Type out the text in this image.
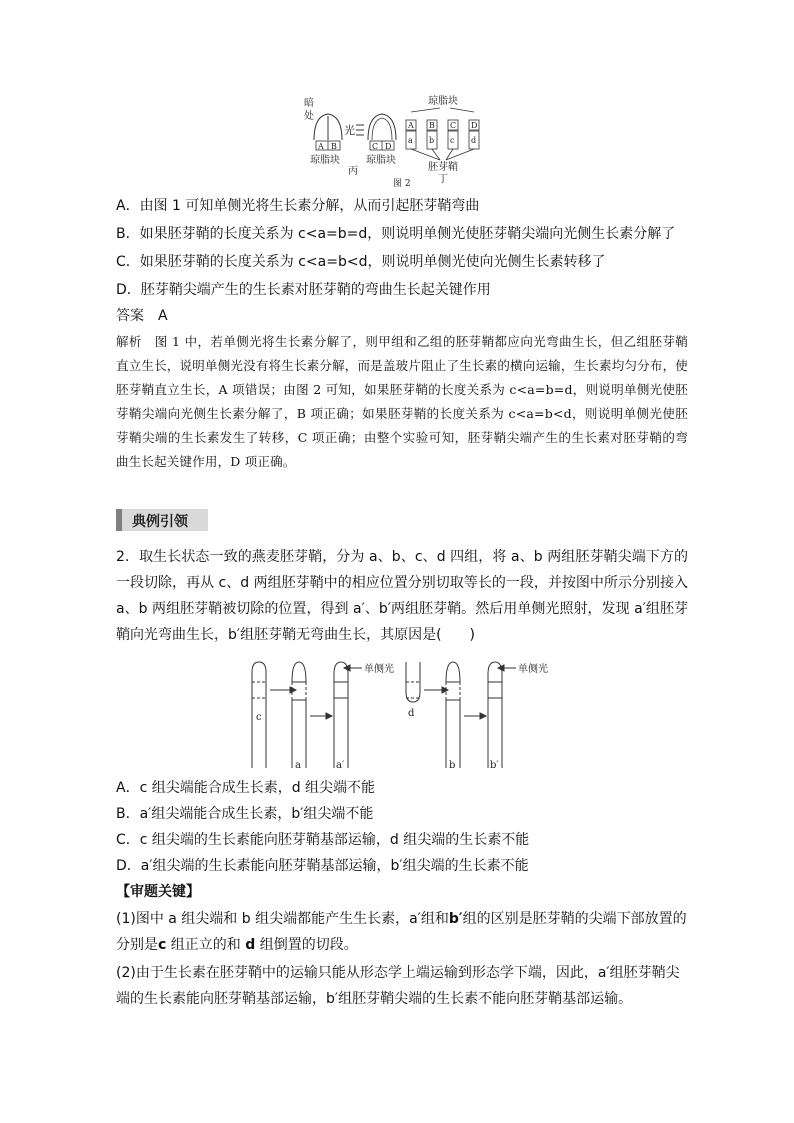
暗
处
A B
琼脂块
光
C D
琼脂块
丙
琼脂块
A B C D
a b c d
胚芽鞘
丁
图 2
A．由图 1 可知单侧光将生长素分解，从而引起胚芽鞘弯曲
B．如果胚芽鞘的长度关系为 c<a=b=d，则说明单侧光使胚芽鞘尖端向光侧生长素分解了
C．如果胚芽鞘的长度关系为 c<a=b<d，则说明单侧光使向光侧生长素转移了
D．胚芽鞘尖端产生的生长素对胚芽鞘的弯曲生长起关键作用
答案　A
解析　图 1 中，若单侧光将生长素分解了，则甲组和乙组的胚芽鞘都应向光弯曲生长，但乙组胚芽鞘直立生长，说明单侧光没有将生长素分解，而是盖玻片阻止了生长素的横向运输，生长素均匀分布，使胚芽鞘直立生长，A 项错误；由图 2 可知，如果胚芽鞘的长度关系为 c<a=b=d，则说明单侧光使胚芽鞘尖端向光侧生长素分解了，B 项正确；如果胚芽鞘的长度关系为 c<a=b<d，则说明单侧光使胚芽鞘尖端的生长素发生了转移，C 项正确；由整个实验可知，胚芽鞘尖端产生的生长素对胚芽鞘的弯曲生长起关键作用，D 项正确。
典例引领
2．取生长状态一致的燕麦胚芽鞘，分为 a、b、c、d 四组，将 a、b 两组胚芽鞘尖端下方的一段切除，再从 c、d 两组胚芽鞘中的相应位置分别切取等长的一段，并按图中所示分别接入 a、b 两组胚芽鞘被切除的位置，得到 a′、b′两组胚芽鞘。然后用单侧光照射，发现 a′组胚芽鞘向光弯曲生长，b′组胚芽鞘无弯曲生长，其原因是(　　)
单侧光
c
a	a′
单侧光
d
b	b′
A．c 组尖端能合成生长素，d 组尖端不能
B．a′组尖端能合成生长素，b′组尖端不能
C．c 组尖端的生长素能向胚芽鞘基部运输，d 组尖端的生长素不能
D．a′组尖端的生长素能向胚芽鞘基部运输，b′组尖端的生长素不能
【审题关键】
(1)图中 a 组尖端和 b 组尖端都能产生生长素，a′组和b′组的区别是胚芽鞘的尖端下部放置的分别是c 组正立的和 d 组倒置的切段。
(2)由于生长素在胚芽鞘中的运输只能从形态学上端运输到形态学下端，因此，a′组胚芽鞘尖端的生长素能向胚芽鞘基部运输，b′组胚芽鞘尖端的生长素不能向胚芽鞘基部运输。
